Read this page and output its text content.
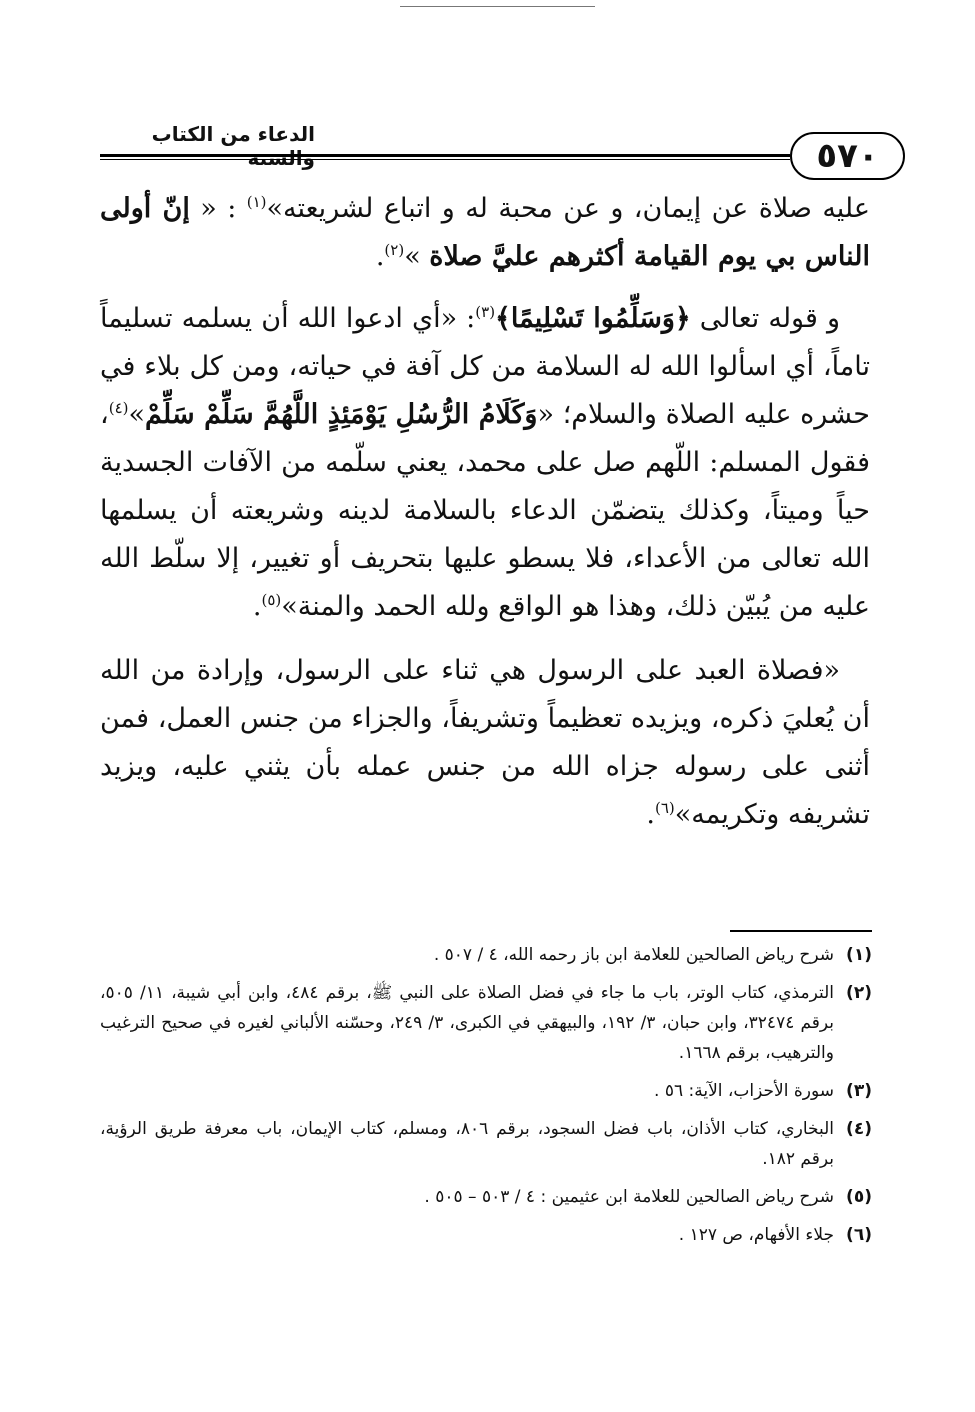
الدعاء من الكتاب والسنة	٥٧٠

عليه صلاة عن إيمان، و عن محبة له و اتباع لشريعته»$^{(١)}$ : « إنّ أولى الناس بي يوم القيامة أكثرهم عليَّ صلاة »$^{(٢)}$.

و قوله تعالى ﴿وَسَلِّمُوا تَسْلِيمًا﴾$^{(٣)}$: «أي ادعوا الله أن يسلمه تسليماً تاماً، أي اسألوا الله له السلامة من كل آفة في حياته، ومن كل بلاء في حشره عليه الصلاة والسلام؛ «وَكَلَامُ الرُّسُلِ يَوْمَئِذٍ اللَّهُمَّ سَلِّمْ سَلِّمْ»$^{(٤)}$، فقول المسلم: اللّهم صل على محمد، يعني سلّمه من الآفات الجسدية حياً وميتاً، وكذلك يتضمّن الدعاء بالسلامة لدينه وشريعته أن يسلمها الله تعالى من الأعداء، فلا يسطو عليها بتحريف أو تغيير، إلا سلّط الله عليه من يُبيّن ذلك، وهذا هو الواقع ولله الحمد والمنة»$^{(٥)}$.

«فصلاة العبد على الرسول هي ثناء على الرسول، وإرادة من الله أن يُعليَ ذكره، ويزيده تعظيماً وتشريفاً، والجزاء من جنس العمل، فمن أثنى على رسوله جزاه الله من جنس عمله بأن يثني عليه، ويزيد تشريفه وتكريمه»$^{(٦)}$.

(١)
شرح رياض الصالحين للعلامة ابن باز رحمه الله، ٤ / ٥٠٧ .
(٢)
الترمذي، كتاب الوتر، باب ما جاء في فضل الصلاة على النبي ﷺ، برقم ٤٨٤، وابن أبي شيبة، ١١/ ٥٠٥، برقم ٣٢٤٧٤، وابن حبان، ٣/ ١٩٢، والبيهقي في الكبرى، ٣/ ٢٤٩، وحسّنه الألباني لغيره في صحيح الترغيب والترهيب، برقم ١٦٦٨.
(٣)
سورة الأحزاب، الآية: ٥٦ .
(٤)
البخاري، كتاب الأذان، باب فضل السجود، برقم ٨٠٦، ومسلم، كتاب الإيمان، باب معرفة طريق الرؤية، برقم ١٨٢.
(٥)
شرح رياض الصالحين للعلامة ابن عثيمين : ٤ / ٥٠٣ – ٥٠٥ .
(٦)
جلاء الأفهام، ص ١٢٧ .
